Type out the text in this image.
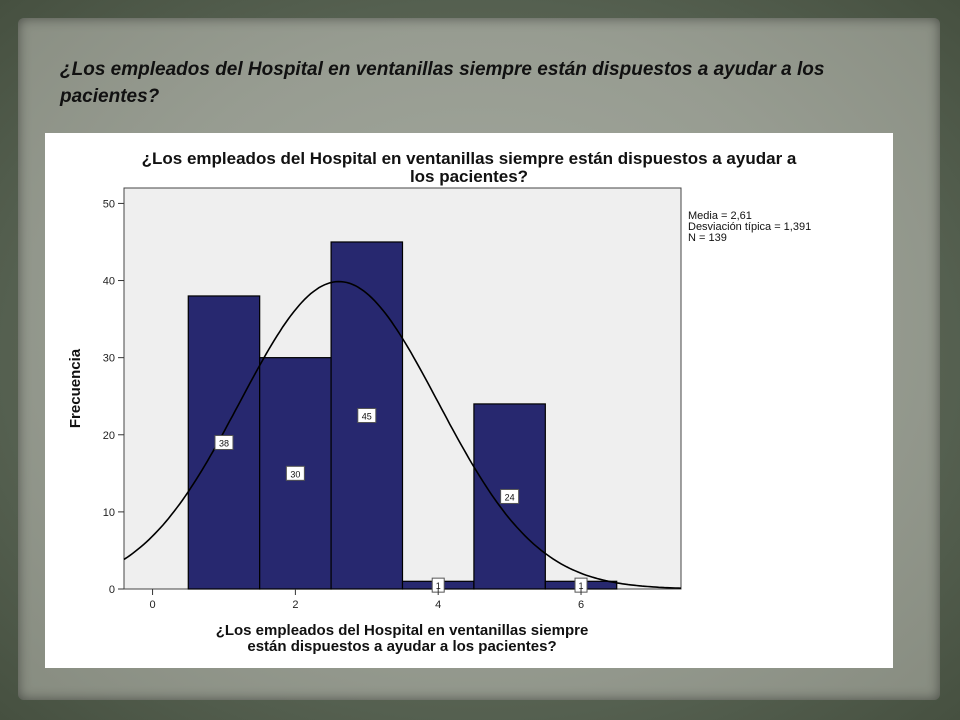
¿Los empleados del Hospital en ventanillas siempre están dispuestos a ayudar a los pacientes?
¿Los empleados del Hospital en ventanillas siempre están dispuestos a ayudar a
los pacientes?
38
30
45
1
24
1
0
10
20
30
40
50
0	2	4	6
Frecuencia
¿Los empleados del Hospital en ventanillas siempre
están dispuestos a ayudar a los pacientes?
Media = 2,61
Desviación típica = 1,391
N = 139
